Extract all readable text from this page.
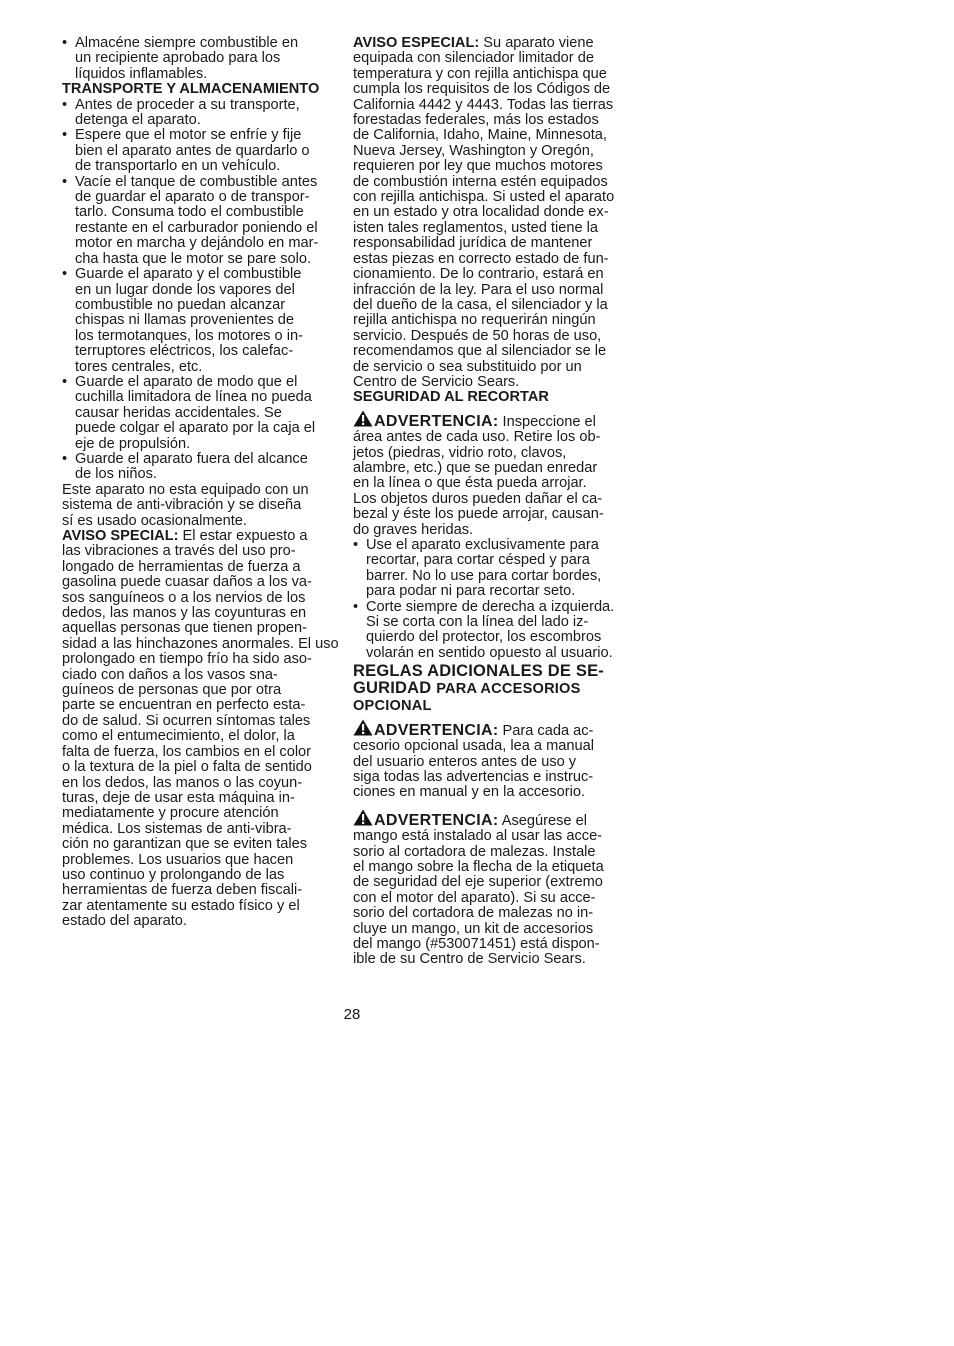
• Almacéne siempre combustible en
un recipiente aprobado para los
líquidos inflamables.

TRANSPORTE Y ALMACENAMIENTO

• Antes de proceder a su transporte,
detenga el aparato.

• Espere que el motor se enfríe y fije
bien el aparato antes de quardarlo o
de transportarlo en un vehículo.

• Vacíe el tanque de combustible antes
de guardar el aparato o de transpor-
tarlo. Consuma todo el combustible
restante en el carburador poniendo el
motor en marcha y dejándolo en mar-
cha hasta que le motor se pare solo.

• Guarde el aparato y el combustible
en un lugar donde los vapores del
combustible no puedan alcanzar
chispas ni llamas provenientes de
los termotanques, los motores o in-
terruptores eléctricos, los calefac-
tores centrales, etc.

• Guarde el aparato de modo que el
cuchilla limitadora de línea no pueda
causar heridas accidentales. Se
puede colgar el aparato por la caja el
eje de propulsión.

• Guarde el aparato fuera del alcance
de los niños.

Este aparato no esta equipado con un
sistema de anti-vibración y se diseña
sí es usado ocasionalmente.

AVISO SPECIAL: El estar expuesto a
las vibraciones a través del uso pro-
longado de herramientas de fuerza a
gasolina puede cuasar daños a los va-
sos sanguíneos o a los nervios de los
dedos, las manos y las coyunturas en
aquellas personas que tienen propen-
sidad a las hinchazones anormales. El uso
prolongado en tiempo frío ha sido aso-
ciado con daños a los vasos sna-
guíneos de personas que por otra
parte se encuentran en perfecto esta-
do de salud. Si ocurren síntomas tales
como el entumecimiento, el dolor, la
falta de fuerza, los cambios en el color
o la textura de la piel o falta de sentido
en los dedos, las manos o las coyun-
turas, deje de usar esta máquina in-
mediatamente y procure atención
médica. Los sistemas de anti-vibra-
ción no garantizan que se eviten tales
problemes. Los usuarios que hacen
uso continuo y prolongando de las
herramientas de fuerza deben fiscali-
zar atentamente su estado físico y el
estado del aparato.

AVISO ESPECIAL: Su aparato viene
equipada con silenciador limitador de
temperatura y con rejilla antichispa que
cumpla los requisitos de los Códigos de
California 4442 y 4443. Todas las tierras
forestadas federales, más los estados
de California, Idaho, Maine, Minnesota,
Nueva Jersey, Washington y Oregón,
requieren por ley que muchos motores
de combustión interna estén equipados
con rejilla antichispa. Si usted el aparato
en un estado y otra localidad donde ex-
isten tales reglamentos, usted tiene la
responsabilidad jurídica de mantener
estas piezas en correcto estado de fun-
cionamiento. De lo contrario, estará en
infracción de la ley. Para el uso normal
del dueño de la casa, el silenciador y la
rejilla antichispa no requerirán ningún
servicio. Después de 50 horas de uso,
recomendamos que al silenciador se le
de servicio o sea substituido por un
Centro de Servicio Sears.

SEGURIDAD AL RECORTAR

ADVERTENCIA: Inspeccione el
área antes de cada uso. Retire los ob-
jetos (piedras, vidrio roto, clavos,
alambre, etc.) que se puedan enredar
en la línea o que ésta pueda arrojar.
Los objetos duros pueden dañar el ca-
bezal y éste los puede arrojar, causan-
do graves heridas.

• Use el aparato exclusivamente para
recortar, para cortar césped y para
barrer. No lo use para cortar bordes,
para podar ni para recortar seto.

• Corte siempre de derecha a izquierda.
Si se corta con la línea del lado iz-
quierdo del protector, los escombros
volarán en sentido opuesto al usuario.

REGLAS ADICIONALES DE SE-
GURIDAD PARA ACCESORIOS
OPCIONAL

ADVERTENCIA: Para cada ac-
cesorio opcional usada, lea a manual
del usuario enteros antes de uso y
siga todas las advertencias e instruc-
ciones en manual y en la accesorio.

ADVERTENCIA: Asegúrese el
mango está instalado al usar las acce-
sorio al cortadora de malezas. Instale
el mango sobre la flecha de la etiqueta
de seguridad del eje superior (extremo
con el motor del aparato). Si su acce-
sorio del cortadora de malezas no in-
cluye un mango, un kit de accesorios
del mango (#530071451) está dispon-
ible de su Centro de Servicio Sears.

28
